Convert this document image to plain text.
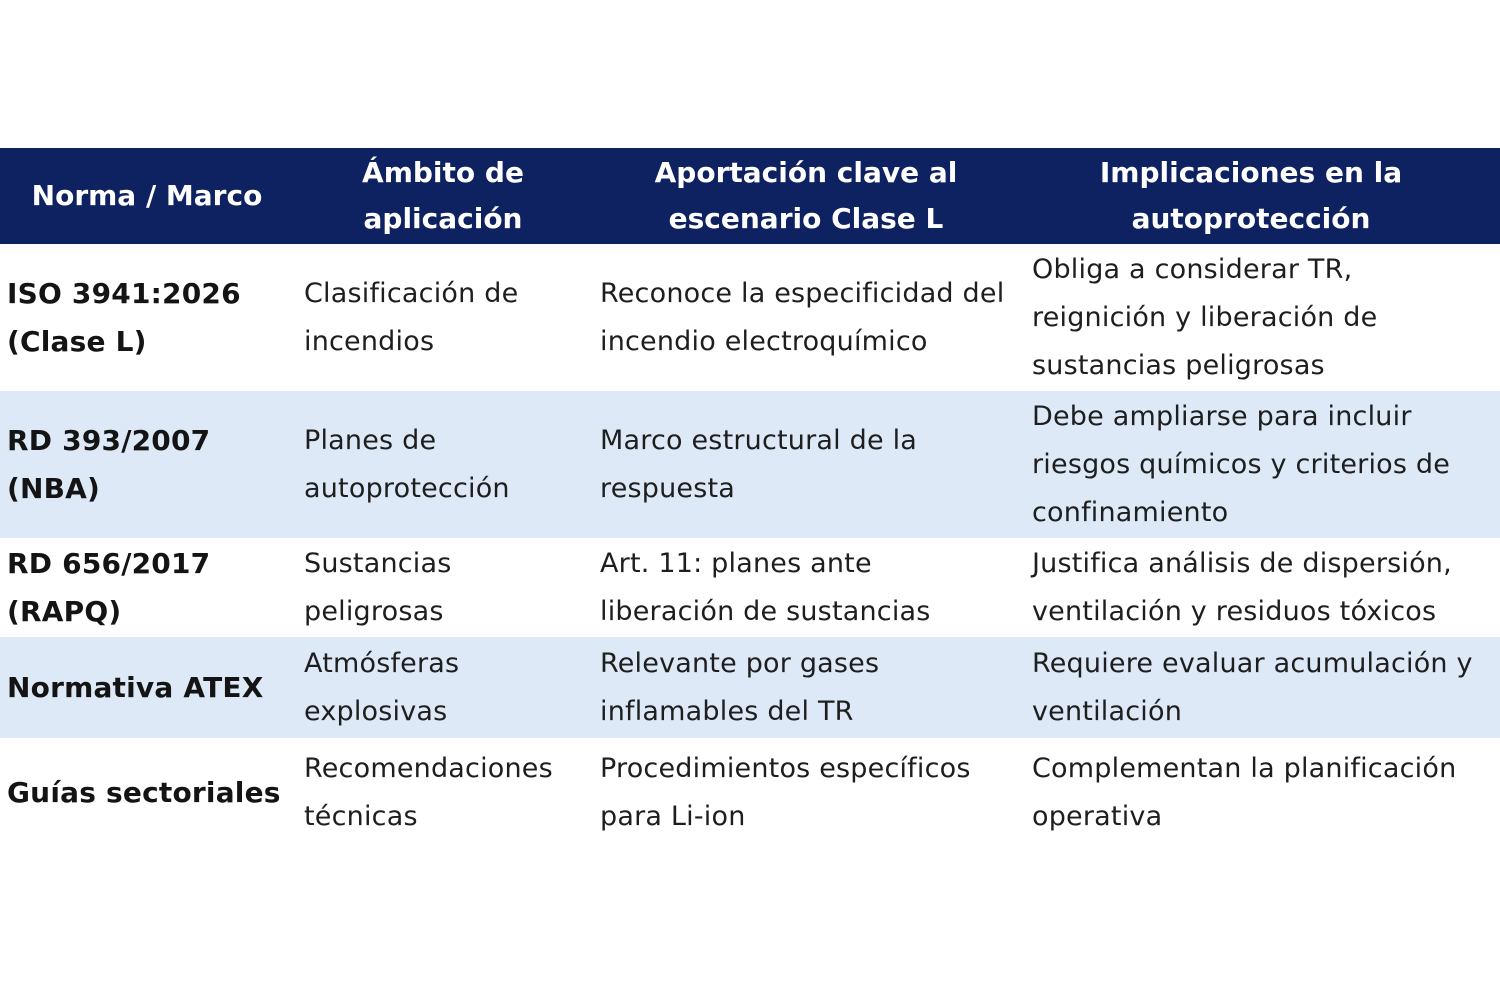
Norma / Marco	Ámbito de aplicación	Aportación clave al escenario Clase L	Implicaciones en la autoprotección
ISO 3941:2026 (Clase L)	Clasificación de incendios	Reconoce la especificidad del incendio electroquímico	Obliga a considerar TR, reignición y liberación de sustancias peligrosas
RD 393/2007 (NBA)	Planes de autoprotección	Marco estructural de la respuesta	Debe ampliarse para incluir riesgos químicos y criterios de confinamiento
RD 656/2017 (RAPQ)	Sustancias peligrosas	Art. 11: planes ante liberación de sustancias	Justifica análisis de dispersión, ventilación y residuos tóxicos
Normativa ATEX	Atmósferas explosivas	Relevante por gases inflamables del TR	Requiere evaluar acumulación y ventilación
Guías sectoriales	Recomendaciones técnicas	Procedimientos específicos para Li-ion	Complementan la planificación operativa
